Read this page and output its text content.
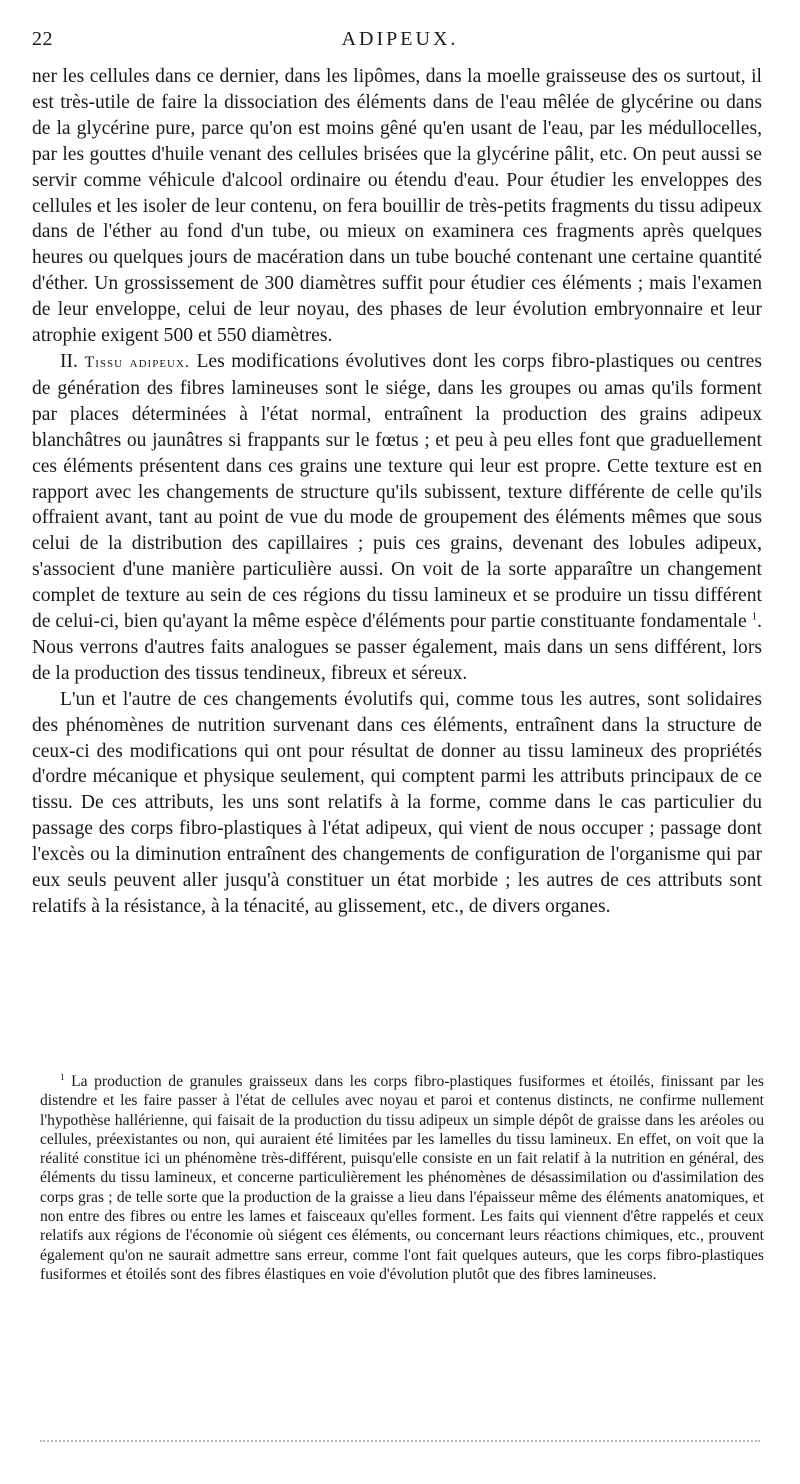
22	ADIPEUX.

ner les cellules dans ce dernier, dans les lipômes, dans la moelle graisseuse des os surtout, il est très-utile de faire la dissociation des éléments dans de l'eau mêlée de glycérine ou dans de la glycérine pure, parce qu'on est moins gêné qu'en usant de l'eau, par les médullocelles, par les gouttes d'huile venant des cellules brisées que la glycérine pâlit, etc. On peut aussi se servir comme véhicule d'alcool ordinaire ou étendu d'eau. Pour étudier les enveloppes des cellules et les isoler de leur contenu, on fera bouillir de très-petits fragments du tissu adipeux dans de l'éther au fond d'un tube, ou mieux on examinera ces fragments après quelques heures ou quelques jours de macération dans un tube bouché contenant une certaine quantité d'éther. Un grossissement de 300 diamètres suffit pour étudier ces éléments ; mais l'examen de leur enveloppe, celui de leur noyau, des phases de leur évolution embryonnaire et leur atrophie exigent 500 et 550 diamètres.

II. Tissu adipeux. Les modifications évolutives dont les corps fibro-plastiques ou centres de génération des fibres lamineuses sont le siége, dans les groupes ou amas qu'ils forment par places déterminées à l'état normal, entraînent la production des grains adipeux blanchâtres ou jaunâtres si frappants sur le fœtus ; et peu à peu elles font que graduellement ces éléments présentent dans ces grains une texture qui leur est propre. Cette texture est en rapport avec les changements de structure qu'ils subissent, texture différente de celle qu'ils offraient avant, tant au point de vue du mode de groupement des éléments mêmes que sous celui de la distribution des capillaires ; puis ces grains, devenant des lobules adipeux, s'associent d'une manière particulière aussi. On voit de la sorte apparaître un changement complet de texture au sein de ces régions du tissu lamineux et se produire un tissu différent de celui-ci, bien qu'ayant la même espèce d'éléments pour partie constituante fondamentale $^1$. Nous verrons d'autres faits analogues se passer également, mais dans un sens différent, lors de la production des tissus tendineux, fibreux et séreux.

L'un et l'autre de ces changements évolutifs qui, comme tous les autres, sont solidaires des phénomènes de nutrition survenant dans ces éléments, entraînent dans la structure de ceux-ci des modifications qui ont pour résultat de donner au tissu lamineux des propriétés d'ordre mécanique et physique seulement, qui comptent parmi les attributs principaux de ce tissu. De ces attributs, les uns sont relatifs à la forme, comme dans le cas particulier du passage des corps fibro-plastiques à l'état adipeux, qui vient de nous occuper ; passage dont l'excès ou la diminution entraînent des changements de configuration de l'organisme qui par eux seuls peuvent aller jusqu'à constituer un état morbide ; les autres de ces attributs sont relatifs à la résistance, à la ténacité, au glissement, etc., de divers organes.

$^1$ La production de granules graisseux dans les corps fibro-plastiques fusiformes et étoilés, finissant par les distendre et les faire passer à l'état de cellules avec noyau et paroi et contenus distincts, ne confirme nullement l'hypothèse hallérienne, qui faisait de la production du tissu adipeux un simple dépôt de graisse dans les aréoles ou cellules, préexistantes ou non, qui auraient été limitées par les lamelles du tissu lamineux. En effet, on voit que la réalité constitue ici un phénomène très-différent, puisqu'elle consiste en un fait relatif à la nutrition en général, des éléments du tissu lamineux, et concerne particulièrement les phénomènes de désassimilation ou d'assimilation des corps gras ; de telle sorte que la production de la graisse a lieu dans l'épaisseur même des éléments anatomiques, et non entre des fibres ou entre les lames et faisceaux qu'elles forment. Les faits qui viennent d'être rappelés et ceux relatifs aux régions de l'économie où siégent ces éléments, ou concernant leurs réactions chimiques, etc., prouvent également qu'on ne saurait admettre sans erreur, comme l'ont fait quelques auteurs, que les corps fibro-plastiques fusiformes et étoilés sont des fibres élastiques en voie d'évolution plutôt que des fibres lamineuses.
